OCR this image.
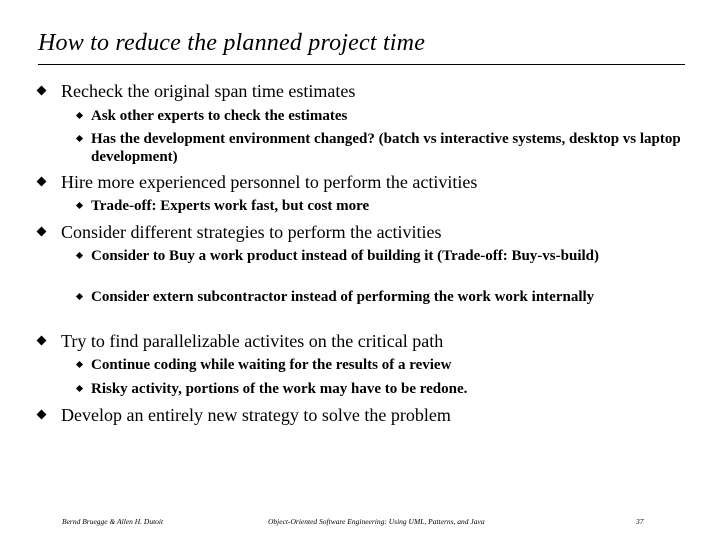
How to reduce the planned project time
Recheck the original span time estimates
Ask other experts to check the estimates
Has the development environment changed? (batch vs interactive systems, desktop vs laptop development)
Hire more experienced personnel to perform the activities
Trade-off: Experts work fast, but cost more
Consider different strategies to perform the activities
Consider to Buy a work product instead of building it (Trade-off: Buy-vs-build)
Consider extern subcontractor instead of performing the work work internally
Try to find parallelizable activites on the critical path
Continue coding while waiting for the results of a review
Risky activity, portions of the work may have to be redone.
Develop an entirely new strategy to solve the problem
Bernd Bruegge & Allen H. Dutoit	Object-Oriented Software Engineering: Using UML, Patterns, and Java	37
